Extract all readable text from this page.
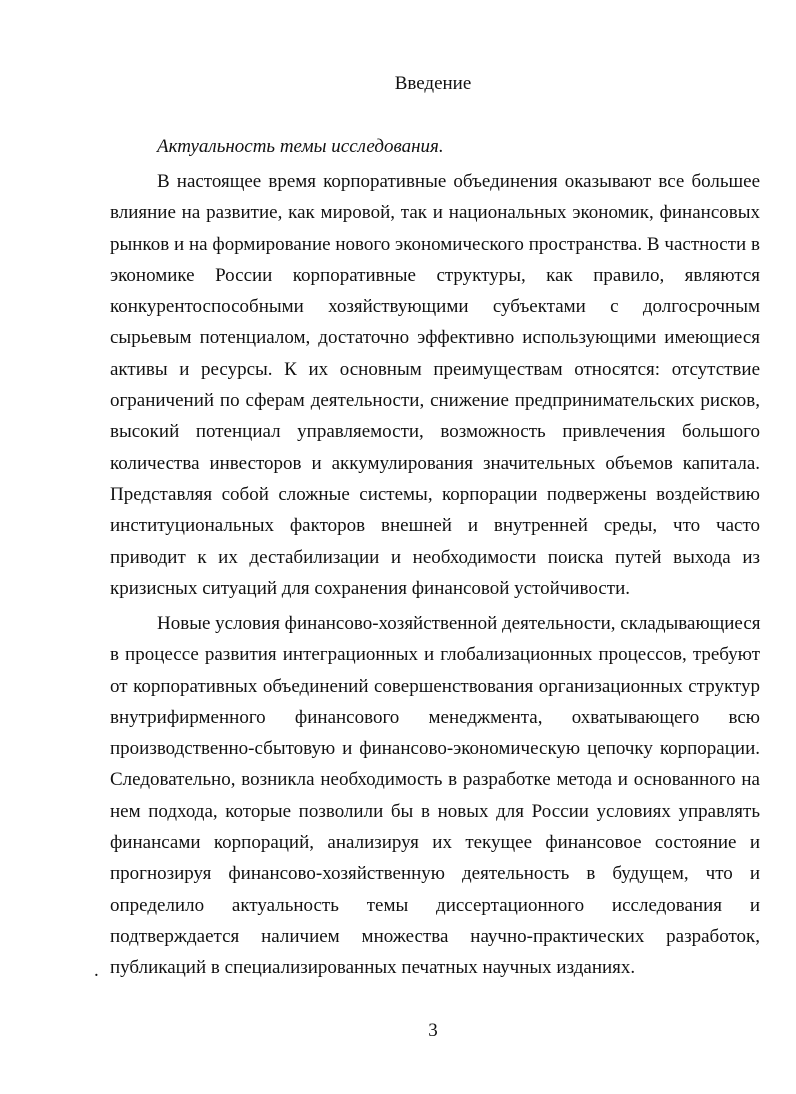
Введение
Актуальность темы исследования.
В настоящее время корпоративные объединения оказывают все большее
влияние на развитие, как мировой, так и национальных экономик, финансовых
рынков и на формирование нового экономического пространства. В частности в
экономике России корпоративные структуры, как правило, являются
конкурентоспособными хозяйствующими субъектами с долгосрочным
сырьевым потенциалом, достаточно эффективно использующими имеющиеся
активы и ресурсы. К их основным преимуществам относятся: отсутствие
ограничений по сферам деятельности, снижение предпринимательских рисков,
высокий потенциал управляемости, возможность привлечения большого
количества инвесторов и аккумулирования значительных объемов капитала.
Представляя собой сложные системы, корпорации подвержены воздействию
институциональных факторов внешней и внутренней среды, что часто
приводит к их дестабилизации и необходимости поиска путей выхода из
кризисных ситуаций для сохранения финансовой устойчивости.
Новые условия финансово-хозяйственной деятельности, складывающиеся
в процессе развития интеграционных и глобализационных процессов, требуют
от корпоративных объединений совершенствования организационных структур
внутрифирменного финансового менеджмента, охватывающего всю
производственно-сбытовую и финансово-экономическую цепочку корпорации.
Следовательно, возникла необходимость в разработке метода и основанного на
нем подхода, которые позволили бы в новых для России условиях управлять
финансами корпораций, анализируя их текущее финансовое состояние и
прогнозируя финансово-хозяйственную деятельность в будущем, что и
определило актуальность темы диссертационного исследования и
подтверждается наличием множества научно-практических разработок,
публикаций в специализированных печатных научных изданиях.
.
3
